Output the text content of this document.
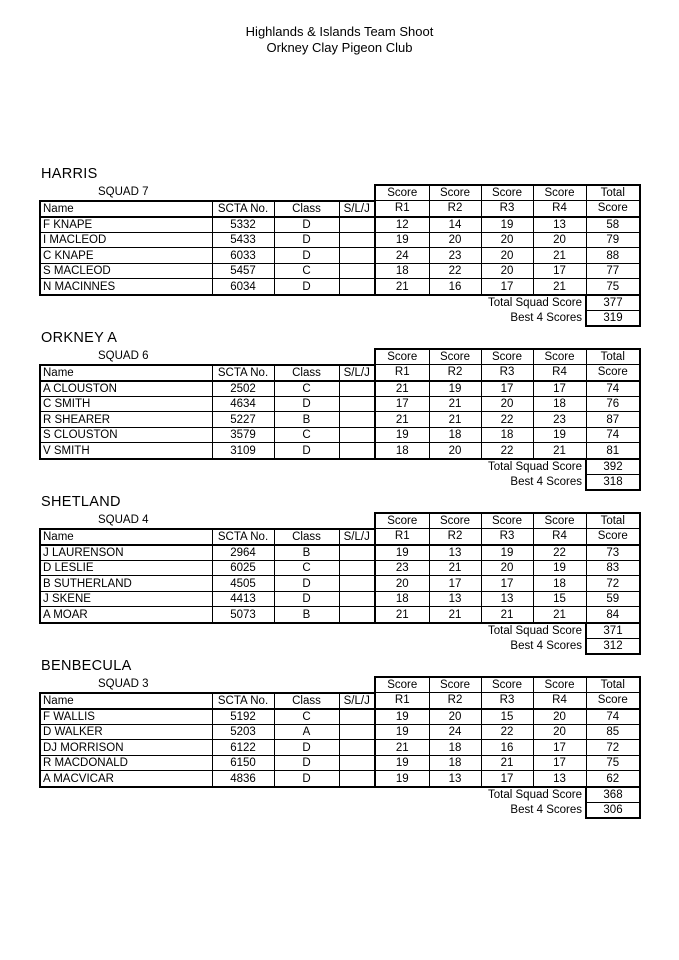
Highlands & Islands Team Shoot
Orkney Clay Pigeon Club
HARRIS
SQUAD 7				Score	Score	Score	Score	Total
Name	SCTA No.	Class	S/L/J	R1	R2	R3	R4	Score
F KNAPE	5332	D		12	14	19	13	58
I MACLEOD	5433	D		19	20	20	20	79
C KNAPE	6033	D		24	23	20	21	88
S MACLEOD	5457	C		18	22	20	17	77
N MACINNES	6034	D		21	16	17	21	75
					Total Squad Score			377
					Best 4 Scores			319
ORKNEY A
SQUAD 6				Score	Score	Score	Score	Total
Name	SCTA No.	Class	S/L/J	R1	R2	R3	R4	Score
A CLOUSTON	2502	C		21	19	17	17	74
C SMITH	4634	D		17	21	20	18	76
R SHEARER	5227	B		21	21	22	23	87
S CLOUSTON	3579	C		19	18	18	19	74
V SMITH	3109	D		18	20	22	21	81
					Total Squad Score			392
					Best 4 Scores			318
SHETLAND
SQUAD 4				Score	Score	Score	Score	Total
Name	SCTA No.	Class	S/L/J	R1	R2	R3	R4	Score
J LAURENSON	2964	B		19	13	19	22	73
D LESLIE	6025	C		23	21	20	19	83
B SUTHERLAND	4505	D		20	17	17	18	72
J SKENE	4413	D		18	13	13	15	59
A MOAR	5073	B		21	21	21	21	84
					Total Squad Score			371
					Best 4 Scores			312
BENBECULA
SQUAD 3				Score	Score	Score	Score	Total
Name	SCTA No.	Class	S/L/J	R1	R2	R3	R4	Score
F WALLIS	5192	C		19	20	15	20	74
D WALKER	5203	A		19	24	22	20	85
DJ MORRISON	6122	D		21	18	16	17	72
R MACDONALD	6150	D		19	18	21	17	75
A MACVICAR	4836	D		19	13	17	13	62
					Total Squad Score			368
					Best 4 Scores			306
